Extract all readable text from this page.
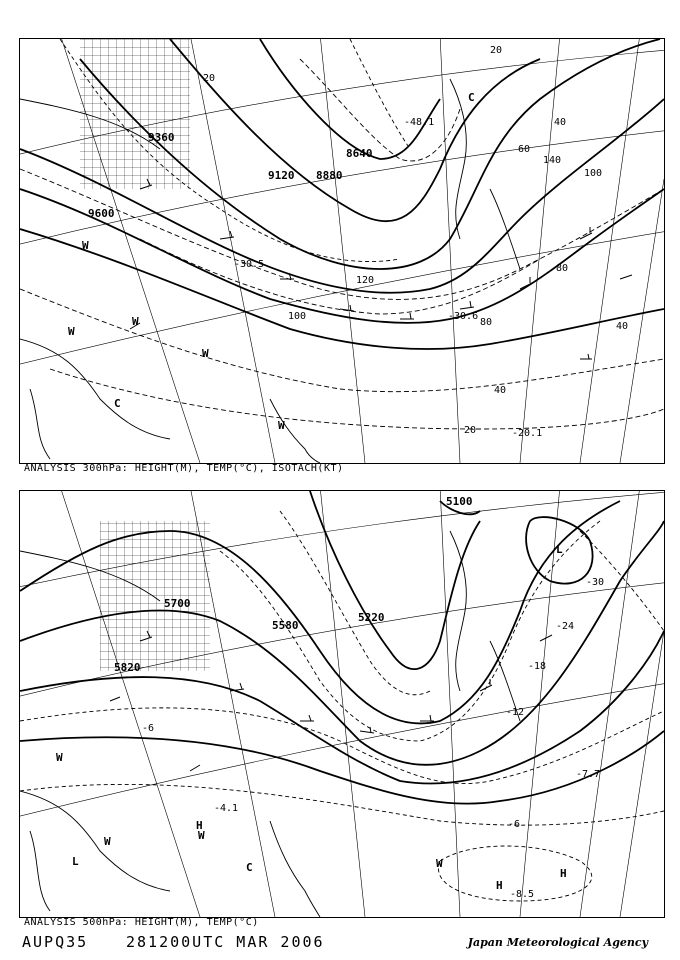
9360
9120 8880
8640
9600
20
20
40
60
80
100
120
140
100
80
40
20
40
-30.5
-30.6
-48.1
-20.1
C
C
W
W
W
W
W
ANALYSIS 300hPa: HEIGHT(M), TEMP(°C), ISOTACH(KT)
5100
5700
5580
5220
5820
-30
-24
-18
-12
-6
-6
-7.7
-8.5
-4.1
L
L
H
W
W
W
W
C
H
H
ANALYSIS 500hPa: HEIGHT(M), TEMP(°C)
AUPQ35	281200UTC MAR 2006	Japan Meteorological Agency
